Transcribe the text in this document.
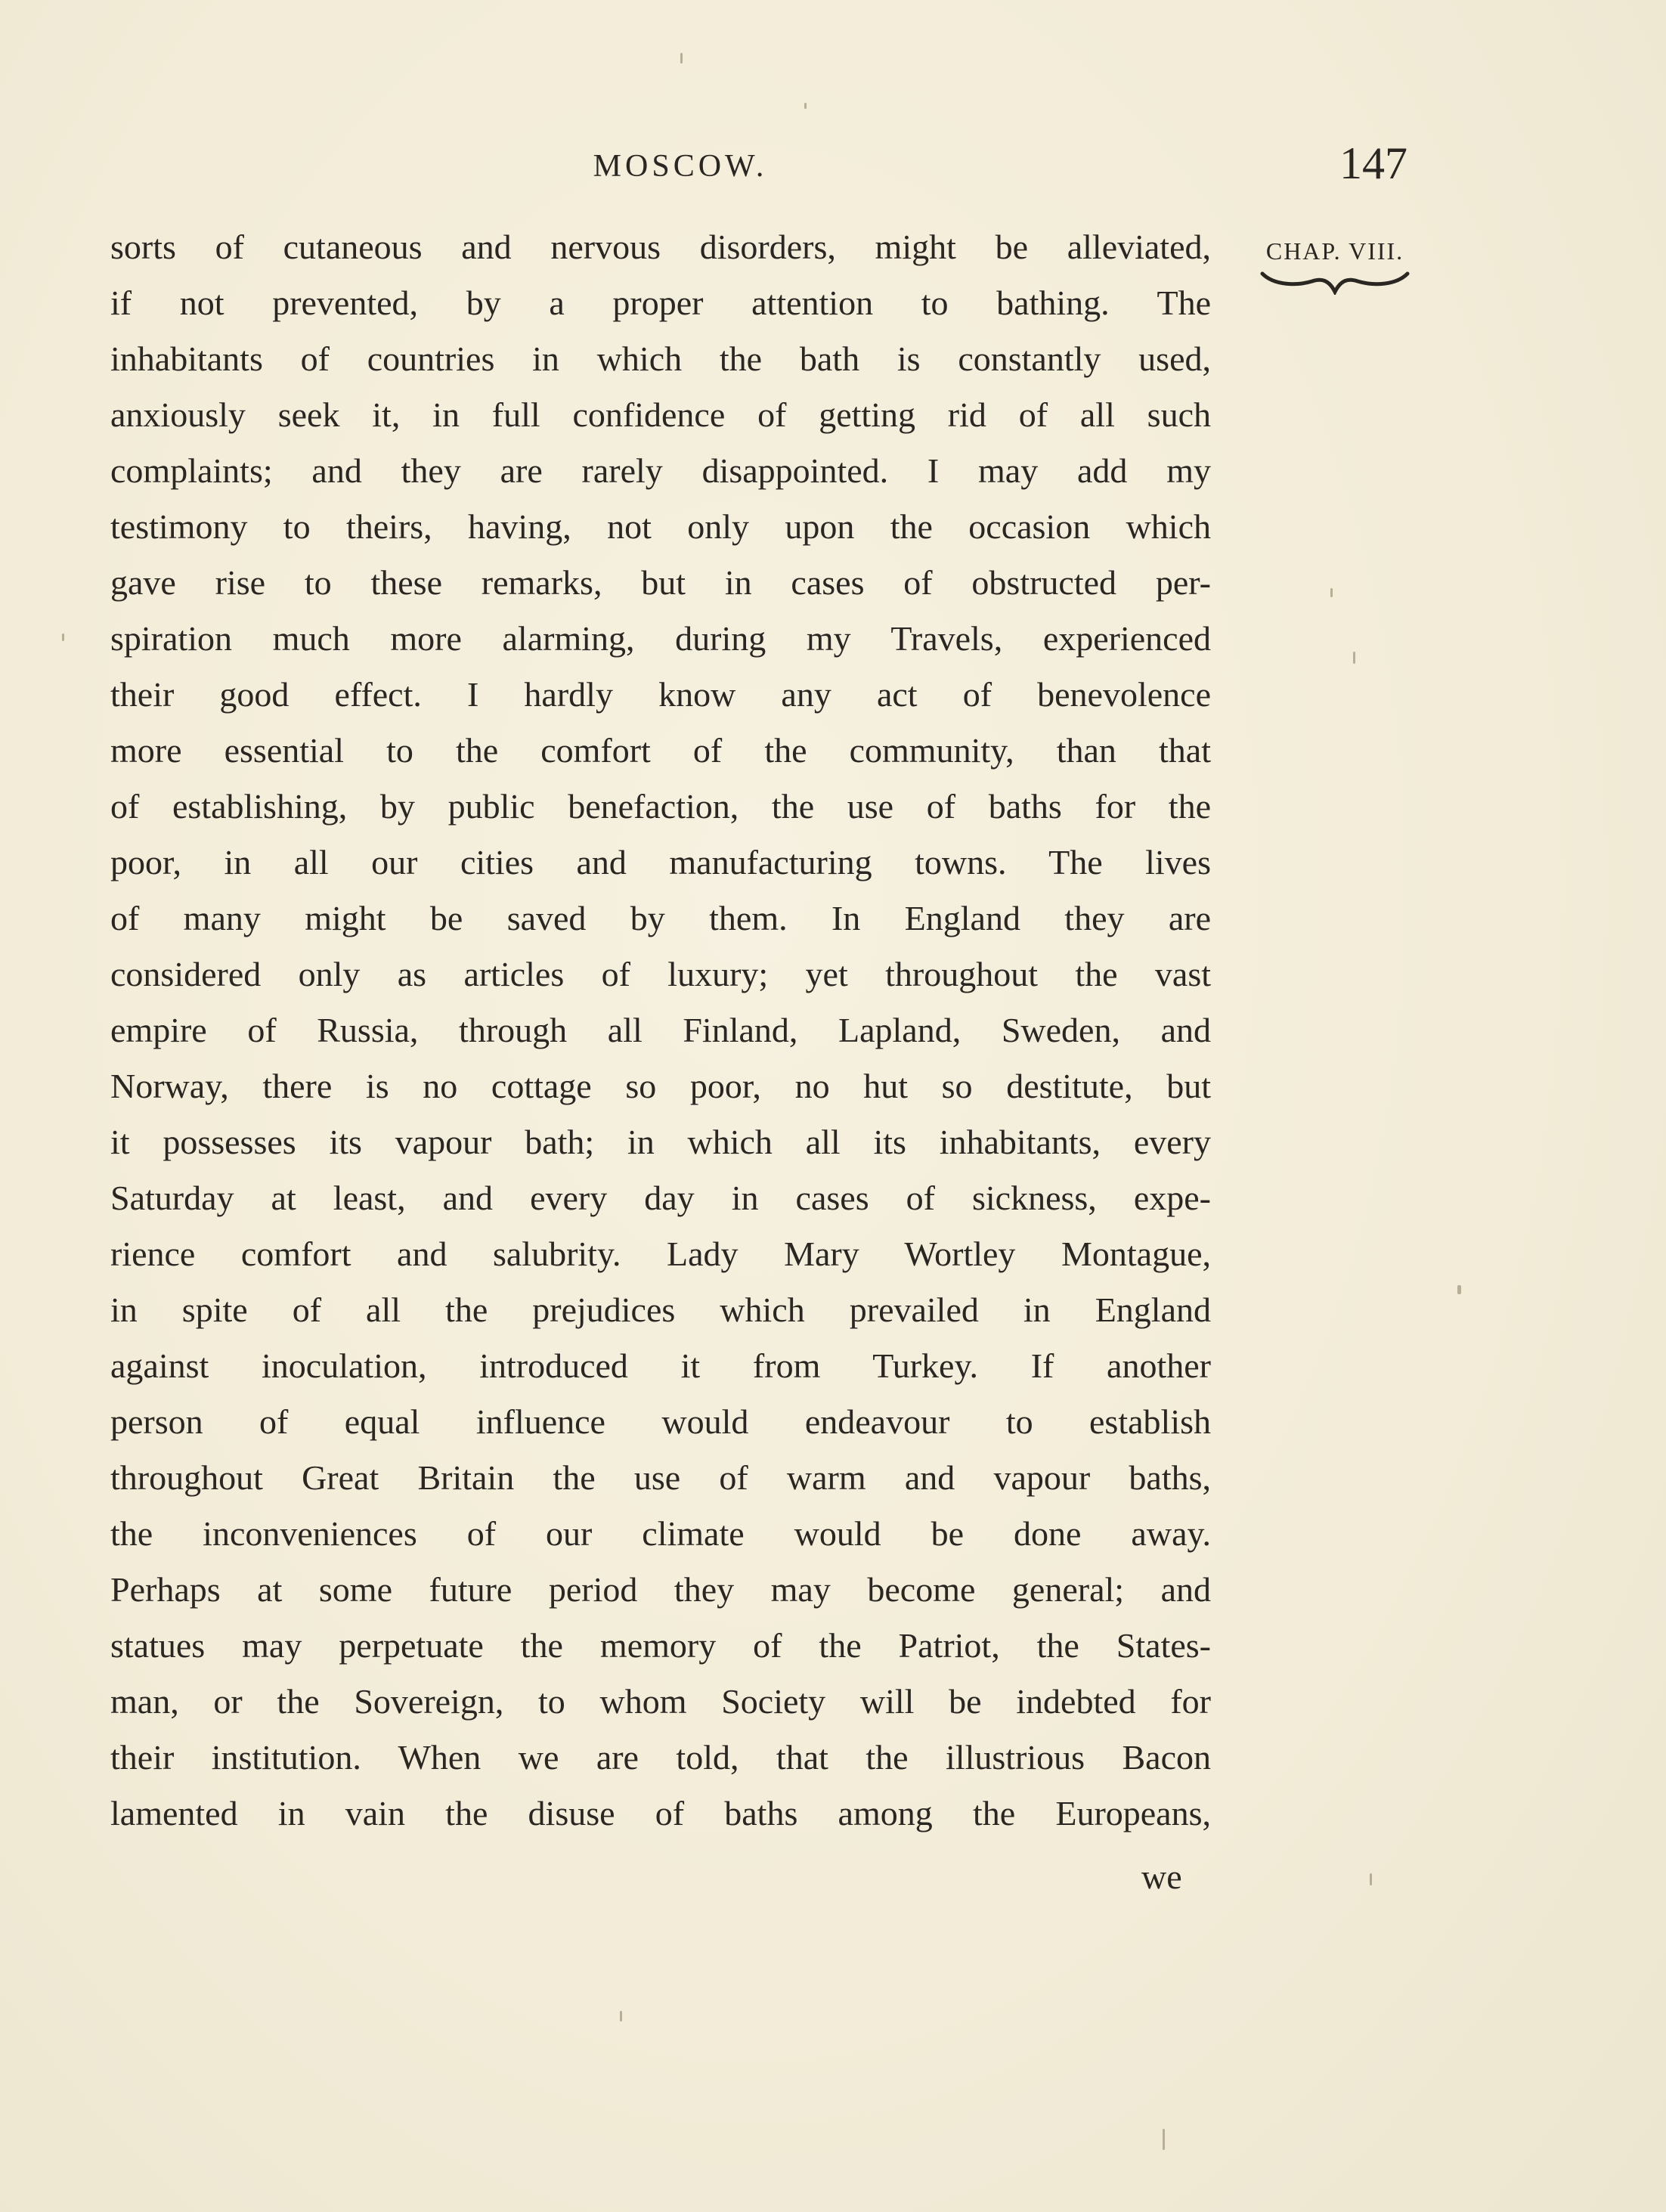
MOSCOW.	147
CHAP. VIII.
sorts of cutaneous and nervous disorders, might be alleviated,
if not prevented, by a proper attention to bathing. The
inhabitants of countries in which the bath is constantly used,
anxiously seek it, in full confidence of getting rid of all such
complaints; and they are rarely disappointed. I may add my
testimony to theirs, having, not only upon the occasion which
gave rise to these remarks, but in cases of obstructed per-
spiration much more alarming, during my Travels, experienced
their good effect. I hardly know any act of benevolence
more essential to the comfort of the community, than that
of establishing, by public benefaction, the use of baths for the
poor, in all our cities and manufacturing towns. The lives
of many might be saved by them. In England they are
considered only as articles of luxury; yet throughout the vast
empire of Russia, through all Finland, Lapland, Sweden, and
Norway, there is no cottage so poor, no hut so destitute, but
it possesses its vapour bath; in which all its inhabitants, every
Saturday at least, and every day in cases of sickness, expe-
rience comfort and salubrity. Lady Mary Wortley Montague,
in spite of all the prejudices which prevailed in England
against inoculation, introduced it from Turkey. If another
person of equal influence would endeavour to establish
throughout Great Britain the use of warm and vapour baths,
the inconveniences of our climate would be done away.
Perhaps at some future period they may become general; and
statues may perpetuate the memory of the Patriot, the States-
man, or the Sovereign, to whom Society will be indebted for
their institution. When we are told, that the illustrious Bacon
lamented in vain the disuse of baths among the Europeans,
we
